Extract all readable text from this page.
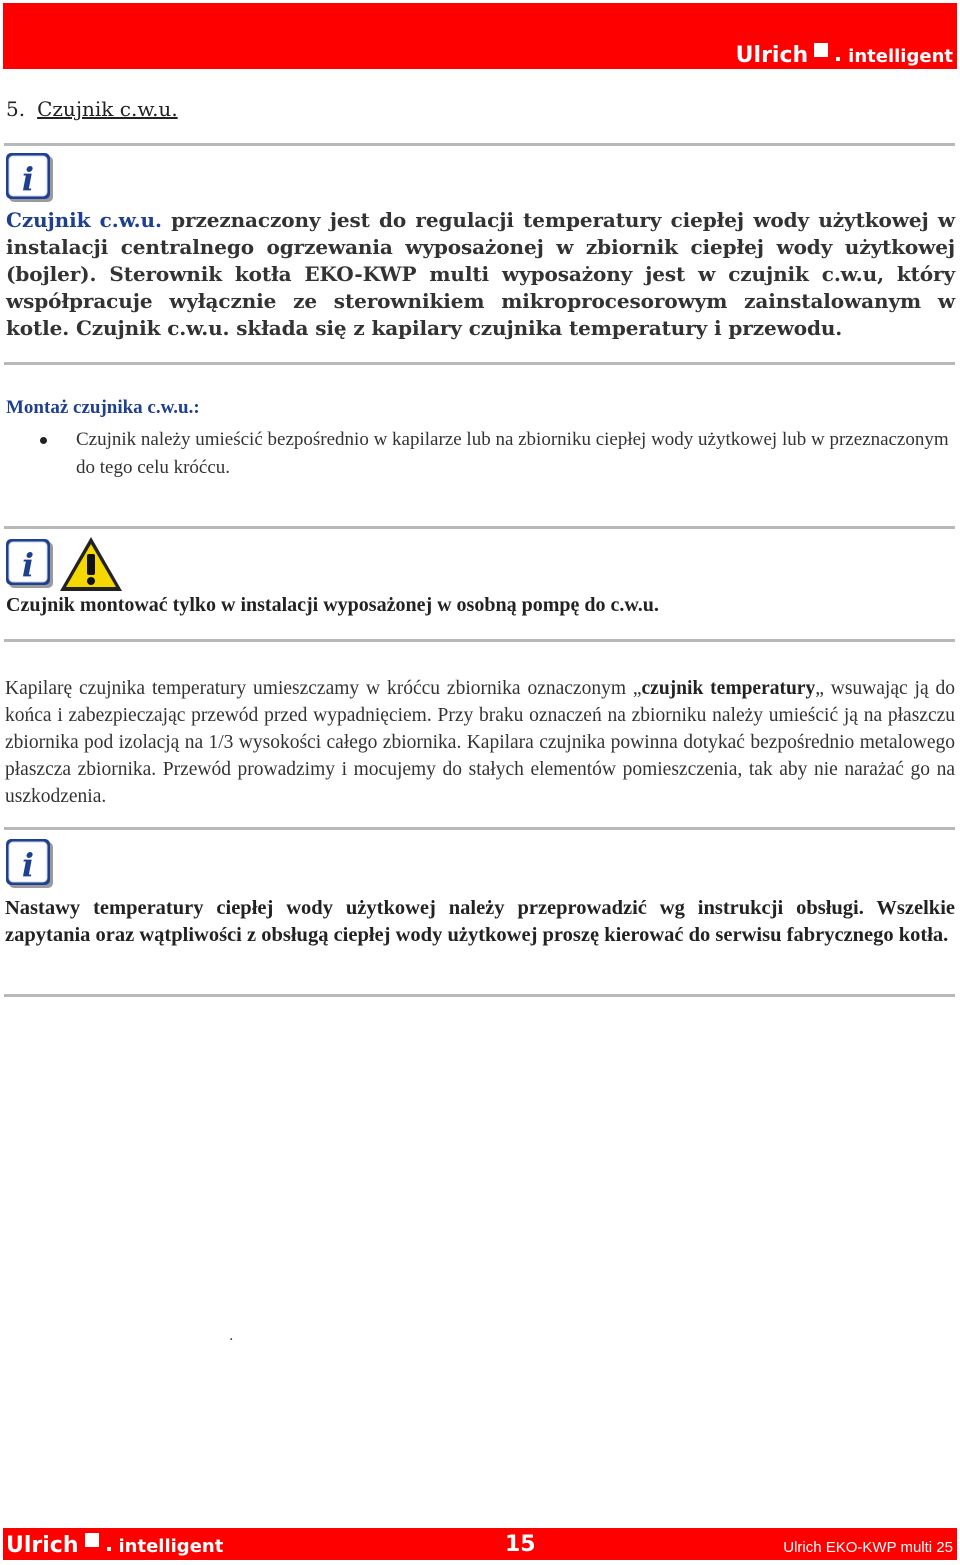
Ulrich intelligent
5. Czujnik c.w.u.
i
Czujnik c.w.u. przeznaczony jest do regulacji temperatury ciepłej wody użytkowej w instalacji centralnego ogrzewania wyposażonej w zbiornik ciepłej wody użytkowej (bojler). Sterownik kotła EKO-KWP multi wyposażony jest w czujnik c.w.u, który współpracuje wyłącznie ze sterownikiem mikroprocesorowym zainstalowanym w kotle. Czujnik c.w.u. składa się z kapilary czujnika temperatury i przewodu.
Montaż czujnika c.w.u.:
Czujnik należy umieścić bezpośrednio w kapilarze lub na zbiorniku ciepłej wody użytkowej lub w przeznaczonym do tego celu króćcu.
i
Czujnik montować tylko w instalacji wyposażonej w osobną pompę do c.w.u.
Kapilarę czujnika temperatury umieszczamy w króćcu zbiornika oznaczonym „czujnik temperatury„ wsuwając ją do końca i zabezpieczając przewód przed wypadnięciem. Przy braku oznaczeń na zbiorniku należy umieścić ją na płaszczu zbiornika pod izolacją na 1/3 wysokości całego zbiornika. Kapilara czujnika powinna dotykać bezpośrednio metalowego płaszcza zbiornika. Przewód prowadzimy i mocujemy do stałych elementów pomieszczenia, tak aby nie narażać go na uszkodzenia.
i
Nastawy temperatury ciepłej wody użytkowej należy przeprowadzić wg instrukcji obsługi. Wszelkie zapytania oraz wątpliwości z obsługą ciepłej wody użytkowej proszę kierować do serwisu fabrycznego kotła.
.
Ulrich intelligent	15	Ulrich EKO-KWP multi 25
